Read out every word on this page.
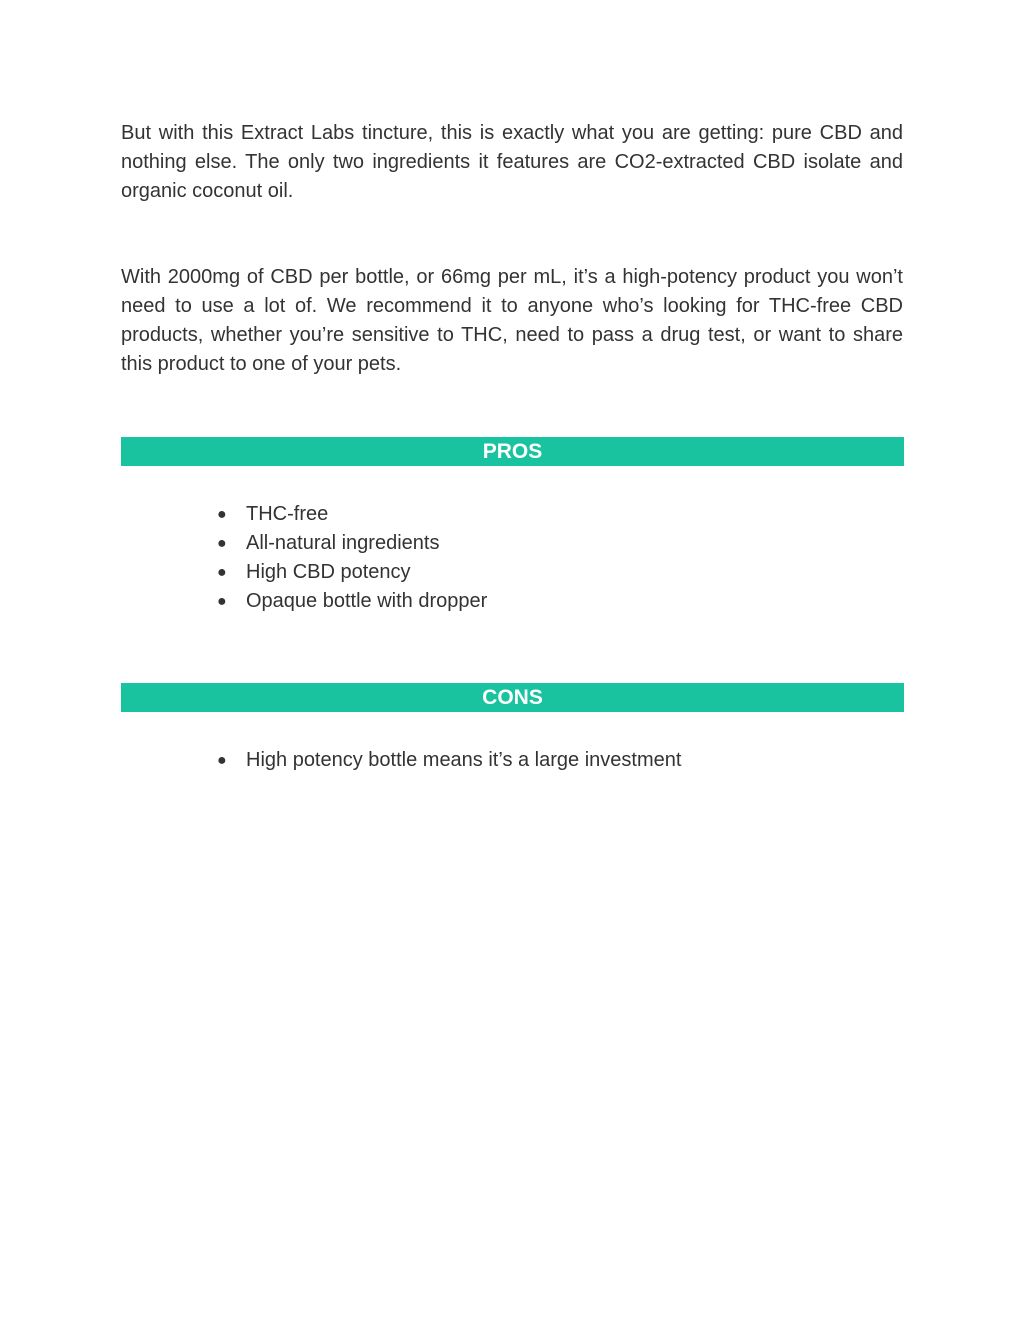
But with this Extract Labs tincture, this is exactly what you are getting: pure CBD and nothing else. The only two ingredients it features are CO2-extracted CBD isolate and organic coconut oil.

With 2000mg of CBD per bottle, or 66mg per mL, it’s a high-potency product you won’t need to use a lot of. We recommend it to anyone who’s looking for THC-free CBD products, whether you’re sensitive to THC, need to pass a drug test, or want to share this product to one of your pets.

PROS
● THC-free
● All-natural ingredients
● High CBD potency
● Opaque bottle with dropper
CONS
● High potency bottle means it’s a large investment
